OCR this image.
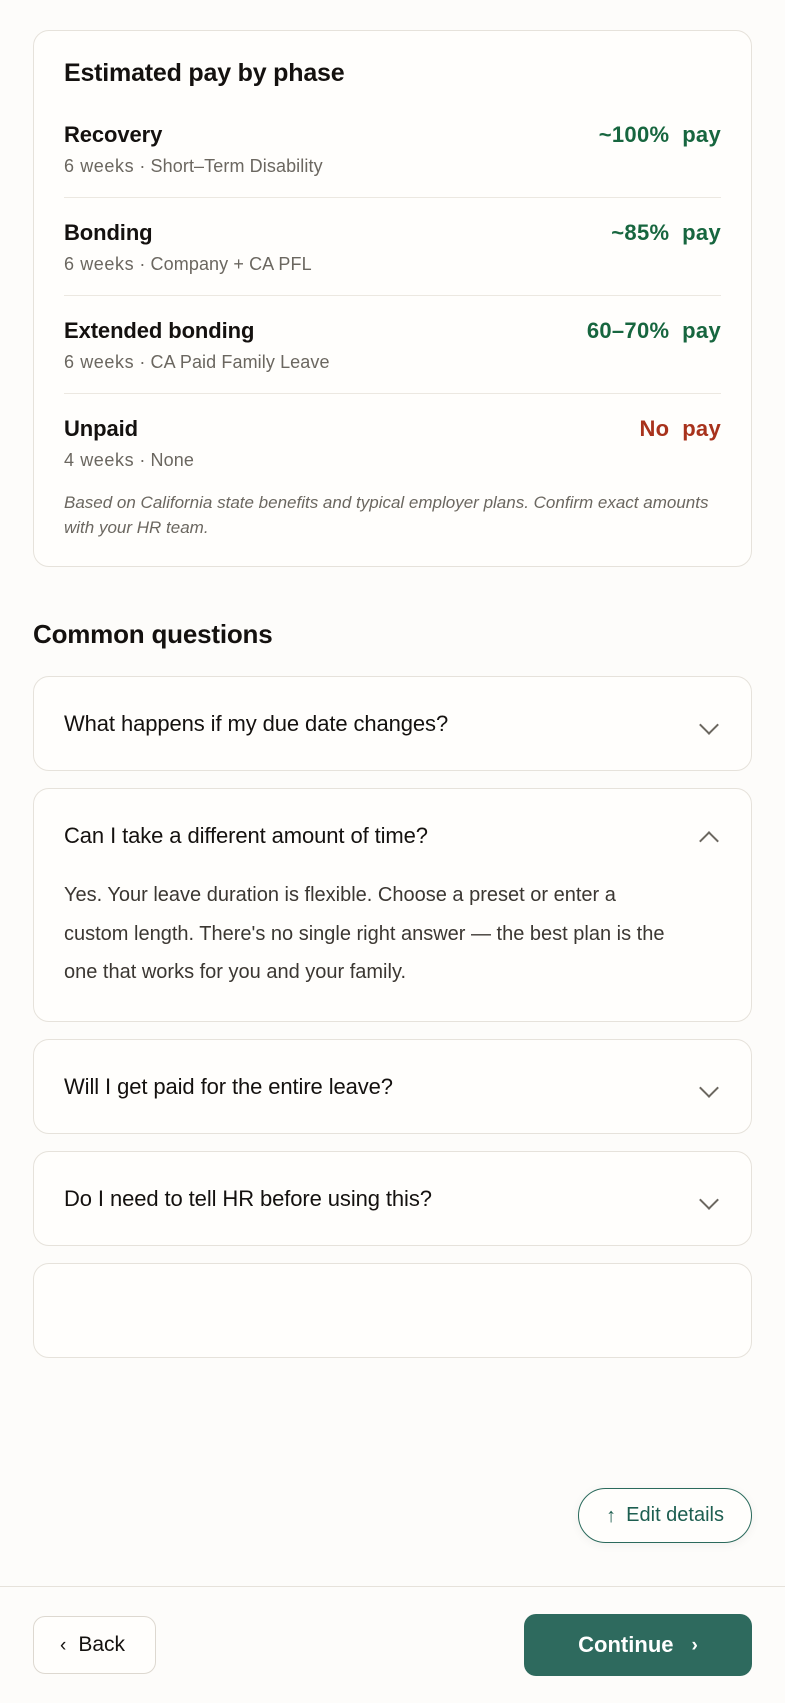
Estimated pay by phase
Recovery	~100%  pay
6 weeks · Short–Term Disability
Bonding	~85%  pay
6 weeks · Company + CA PFL
Extended bonding	60–70%  pay
6 weeks · CA Paid Family Leave
Unpaid	No  pay
4 weeks · None

Based on California state benefits and typical employer plans. Confirm exact amounts with your HR team.

Common questions
What happens if my due date changes?
Can I take a different amount of time?
Yes. Your leave duration is flexible. Choose a preset or enter a custom length. There's no single right answer — the best plan is the one that works for you and your family.
Will I get paid for the entire leave?
Do I need to tell HR before using this?
↑ Edit details
‹ Back	Continue ›
